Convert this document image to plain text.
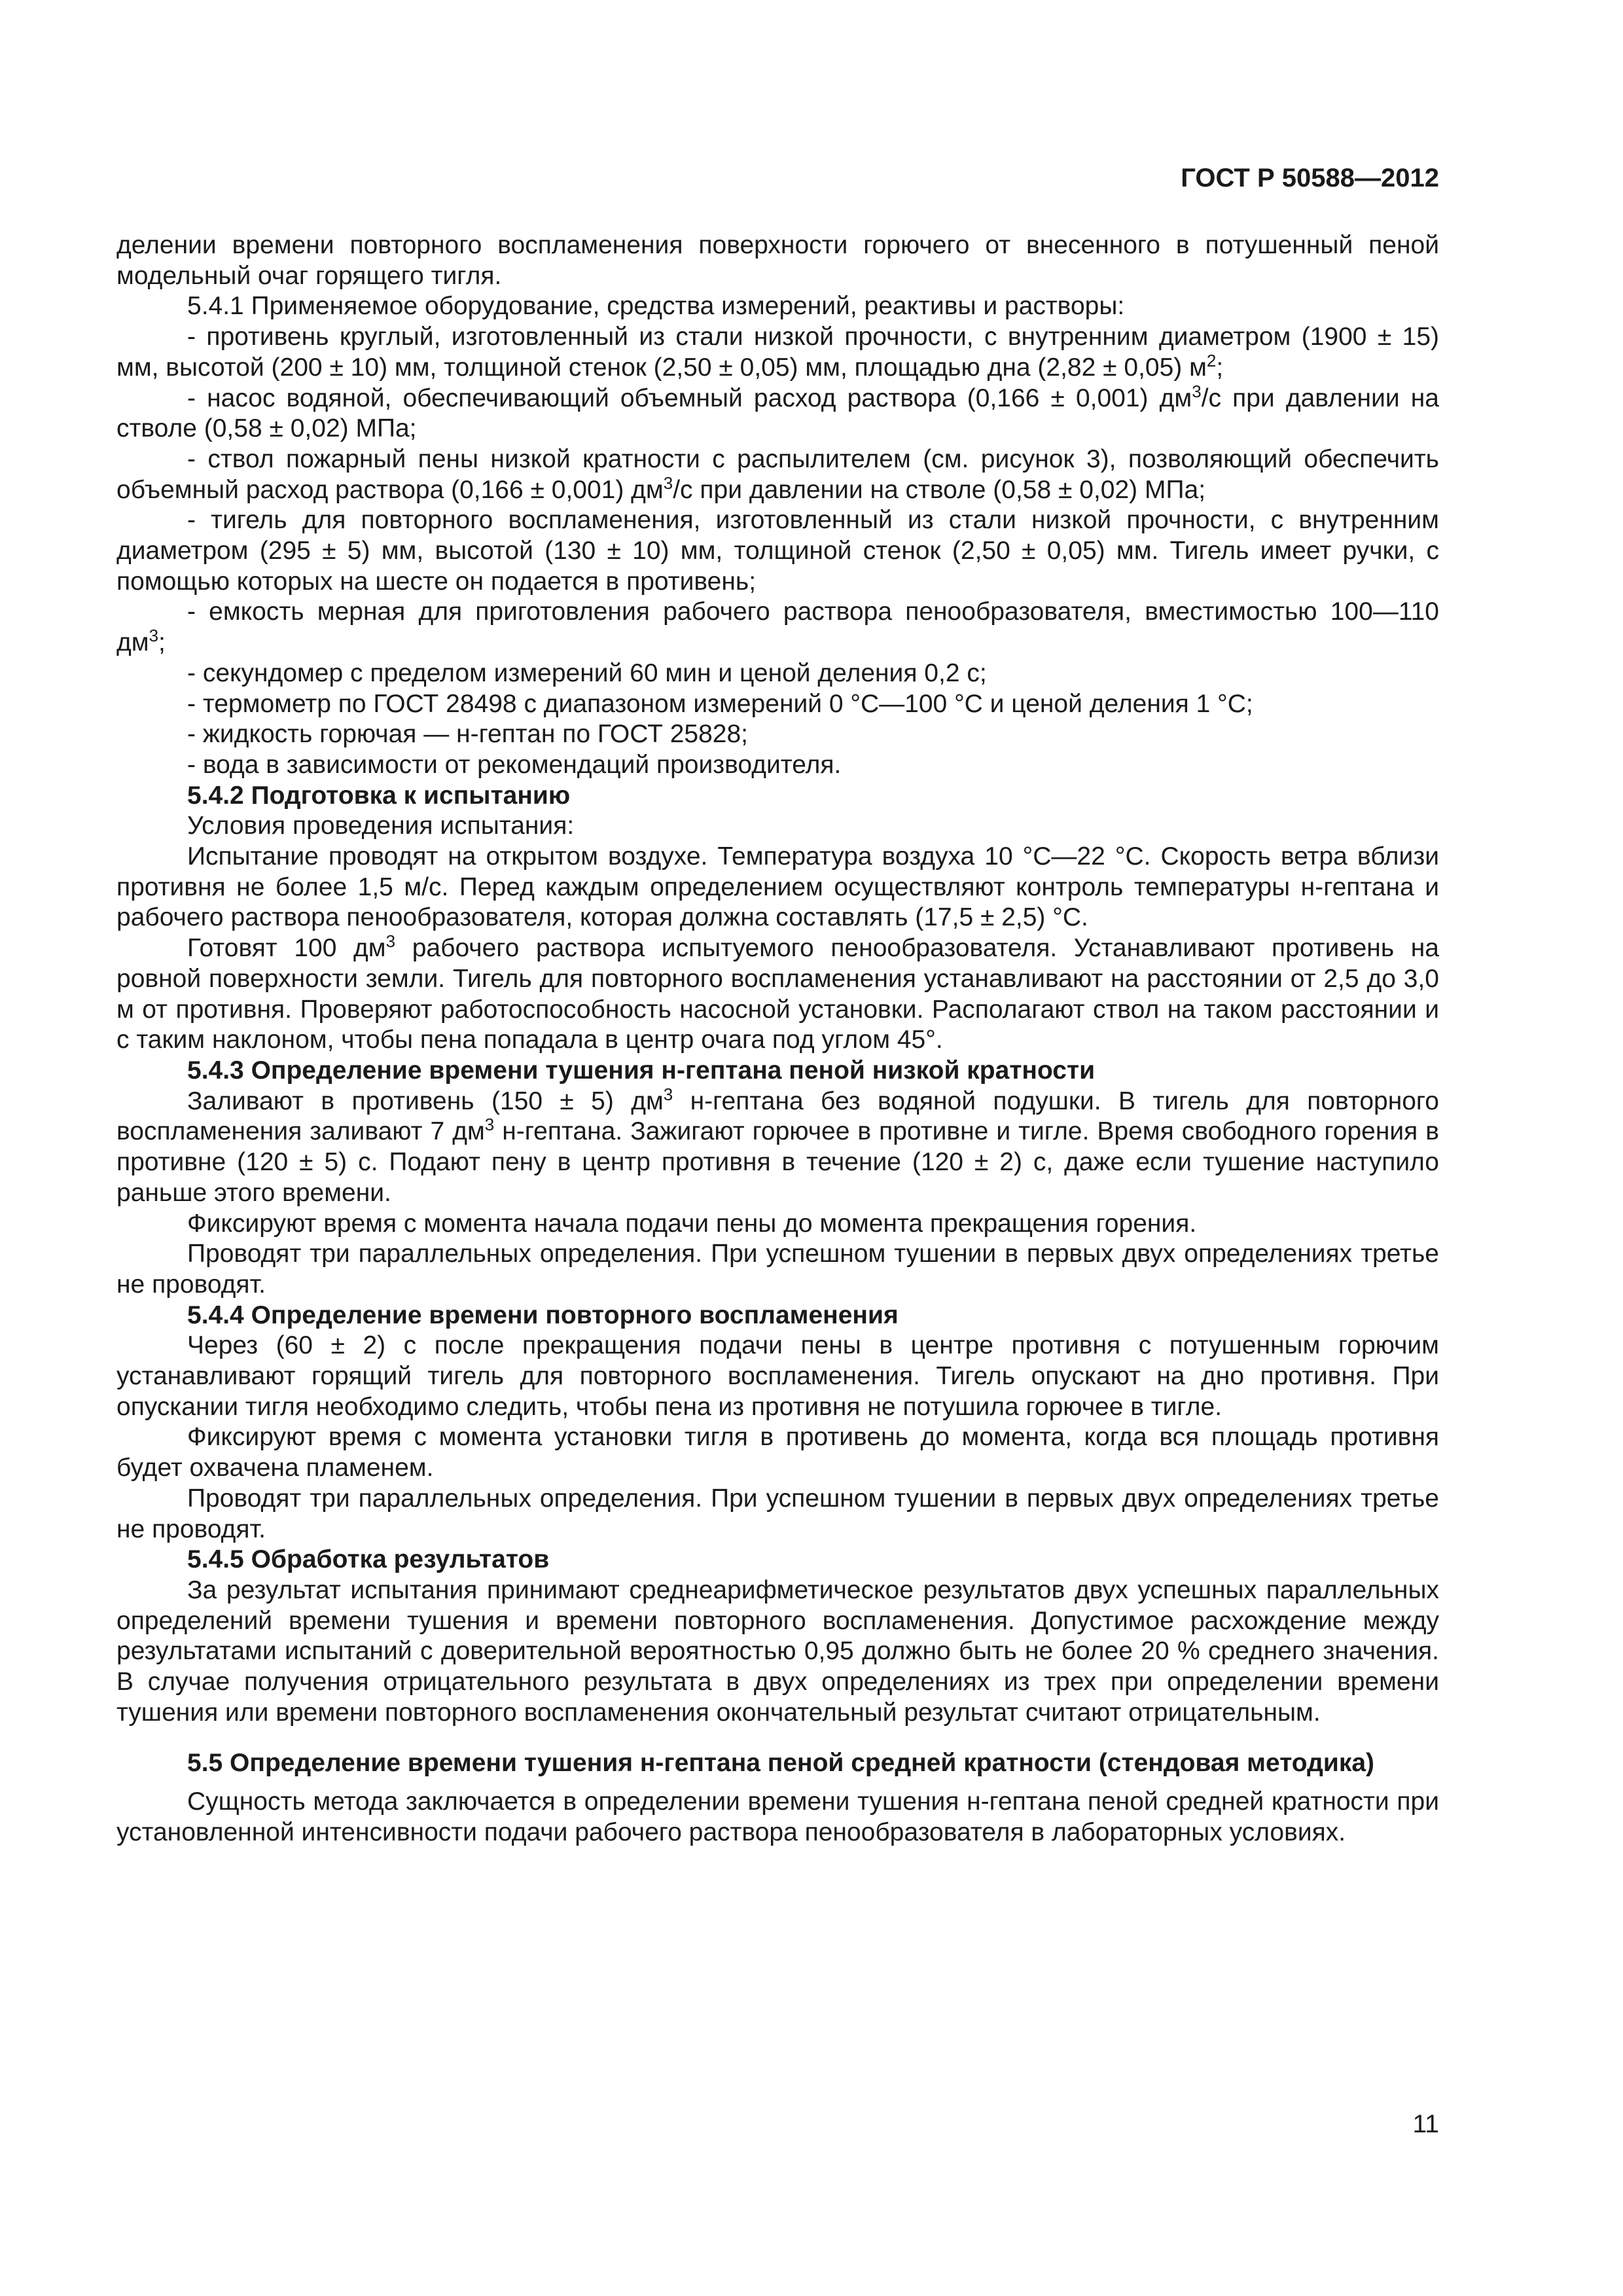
ГОСТ Р 50588—2012

делении времени повторного воспламенения поверхности горючего от внесенного в потушенный пеной модельный очаг горящего тигля.

5.4.1 Применяемое оборудование, средства измерений, реактивы и растворы:

- противень круглый, изготовленный из стали низкой прочности, с внутренним диаметром (1900 ± 15) мм, высотой (200 ± 10) мм, толщиной стенок (2,50 ± 0,05) мм, площадью дна (2,82 ± 0,05) $м^2$;

- насос водяной, обеспечивающий объемный расход раствора (0,166 ± 0,001) $дм^3/с$ при давлении на стволе (0,58 ± 0,02) МПа;

- ствол пожарный пены низкой кратности с распылителем (см. рисунок 3), позволяющий обеспечить объемный расход раствора (0,166 ± 0,001) $дм^3/с$ при давлении на стволе (0,58 ± 0,02) МПа;

- тигель для повторного воспламенения, изготовленный из стали низкой прочности, с внутренним диаметром (295 ± 5) мм, высотой (130 ± 10) мм, толщиной стенок (2,50 ± 0,05) мм. Тигель имеет ручки, с помощью которых на шесте он подается в противень;

- емкость мерная для приготовления рабочего раствора пенообразователя, вместимостью 100—110 $дм^3$;

- секундомер с пределом измерений 60 мин и ценой деления 0,2 с;

- термометр по ГОСТ 28498 с диапазоном измерений 0 °С—100 °С и ценой деления 1 °С;

- жидкость горючая — н-гептан по ГОСТ 25828;

- вода в зависимости от рекомендаций производителя.

5.4.2 Подготовка к испытанию

Условия проведения испытания:

Испытание проводят на открытом воздухе. Температура воздуха 10 °С—22 °С. Скорость ветра вблизи противня не более 1,5 м/с. Перед каждым определением осуществляют контроль температуры н-гептана и рабочего раствора пенообразователя, которая должна составлять (17,5 ± 2,5) °С.

Готовят 100 $дм^3$ рабочего раствора испытуемого пенообразователя. Устанавливают противень на ровной поверхности земли. Тигель для повторного воспламенения устанавливают на расстоянии от 2,5 до 3,0 м от противня. Проверяют работоспособность насосной установки. Располагают ствол на таком расстоянии и с таким наклоном, чтобы пена попадала в центр очага под углом 45°.

5.4.3 Определение времени тушения н-гептана пеной низкой кратности

Заливают в противень (150 ± 5) $дм^3$ н-гептана без водяной подушки. В тигель для повторного воспламенения заливают 7 $дм^3$ н-гептана. Зажигают горючее в противне и тигле. Время свободного горения в противне (120 ± 5) с. Подают пену в центр противня в течение (120 ± 2) с, даже если тушение наступило раньше этого времени.

Фиксируют время с момента начала подачи пены до момента прекращения горения.

Проводят три параллельных определения. При успешном тушении в первых двух определениях третье не проводят.

5.4.4 Определение времени повторного воспламенения

Через (60 ± 2) с после прекращения подачи пены в центре противня с потушенным горючим устанавливают горящий тигель для повторного воспламенения. Тигель опускают на дно противня. При опускании тигля необходимо следить, чтобы пена из противня не потушила горючее в тигле.

Фиксируют время с момента установки тигля в противень до момента, когда вся площадь противня будет охвачена пламенем.

Проводят три параллельных определения. При успешном тушении в первых двух определениях третье не проводят.

5.4.5 Обработка результатов

За результат испытания принимают среднеарифметическое результатов двух успешных параллельных определений времени тушения и времени повторного воспламенения. Допустимое расхождение между результатами испытаний с доверительной вероятностью 0,95 должно быть не более 20 % среднего значения. В случае получения отрицательного результата в двух определениях из трех при определении времени тушения или времени повторного воспламенения окончательный результат считают отрицательным.

5.5 Определение времени тушения н-гептана пеной средней кратности (стендовая методика)

Сущность метода заключается в определении времени тушения н-гептана пеной средней кратности при установленной интенсивности подачи рабочего раствора пенообразователя в лабораторных условиях.

11
